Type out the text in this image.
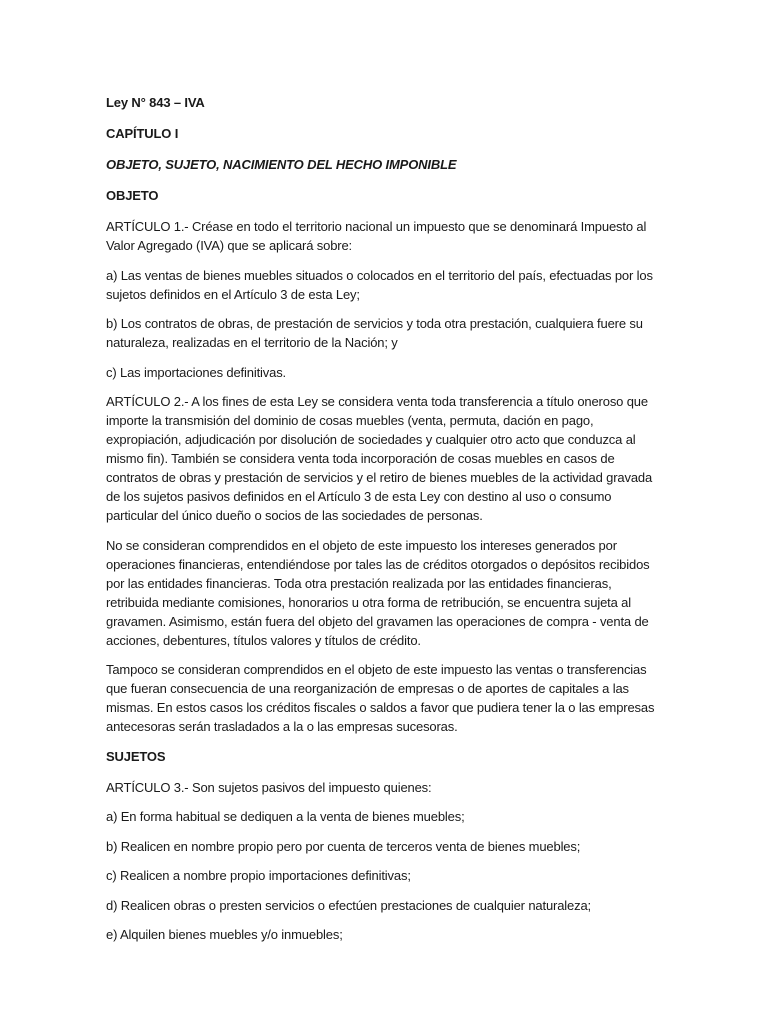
Ley N° 843 – IVA

CAPÍTULO I

OBJETO, SUJETO, NACIMIENTO DEL HECHO IMPONIBLE

OBJETO

ARTÍCULO 1.- Créase en todo el territorio nacional un impuesto que se denominará Impuesto al Valor Agregado (IVA) que se aplicará sobre:

a) Las ventas de bienes muebles situados o colocados en el territorio del país, efectuadas por los sujetos definidos en el Artículo 3 de esta Ley;

b) Los contratos de obras, de prestación de servicios y toda otra prestación, cualquiera fuere su naturaleza, realizadas en el territorio de la Nación; y

c) Las importaciones definitivas.

ARTÍCULO 2.- A los fines de esta Ley se considera venta toda transferencia a título oneroso que importe la transmisión del dominio de cosas muebles (venta, permuta, dación en pago, expropiación, adjudicación por disolución de sociedades y cualquier otro acto que conduzca al mismo fin). También se considera venta toda incorporación de cosas muebles en casos de contratos de obras y prestación de servicios y el retiro de bienes muebles de la actividad gravada de los sujetos pasivos definidos en el Artículo 3 de esta Ley con destino al uso o consumo particular del único dueño o socios de las sociedades de personas.

No se consideran comprendidos en el objeto de este impuesto los intereses generados por operaciones financieras, entendiéndose por tales las de créditos otorgados o depósitos recibidos por las entidades financieras. Toda otra prestación realizada por las entidades financieras, retribuida mediante comisiones, honorarios u otra forma de retribución, se encuentra sujeta al gravamen. Asimismo, están fuera del objeto del gravamen las operaciones de compra - venta de acciones, debentures, títulos valores y títulos de crédito.

Tampoco se consideran comprendidos en el objeto de este impuesto las ventas o transferencias que fueran consecuencia de una reorganización de empresas o de aportes de capitales a las mismas. En estos casos los créditos fiscales o saldos a favor que pudiera tener la o las empresas antecesoras serán trasladados a la o las empresas sucesoras.

SUJETOS

ARTÍCULO 3.- Son sujetos pasivos del impuesto quienes:

a) En forma habitual se dediquen a la venta de bienes muebles;

b) Realicen en nombre propio pero por cuenta de terceros venta de bienes muebles;

c) Realicen a nombre propio importaciones definitivas;

d) Realicen obras o presten servicios o efectúen prestaciones de cualquier naturaleza;

e) Alquilen bienes muebles y/o inmuebles;
